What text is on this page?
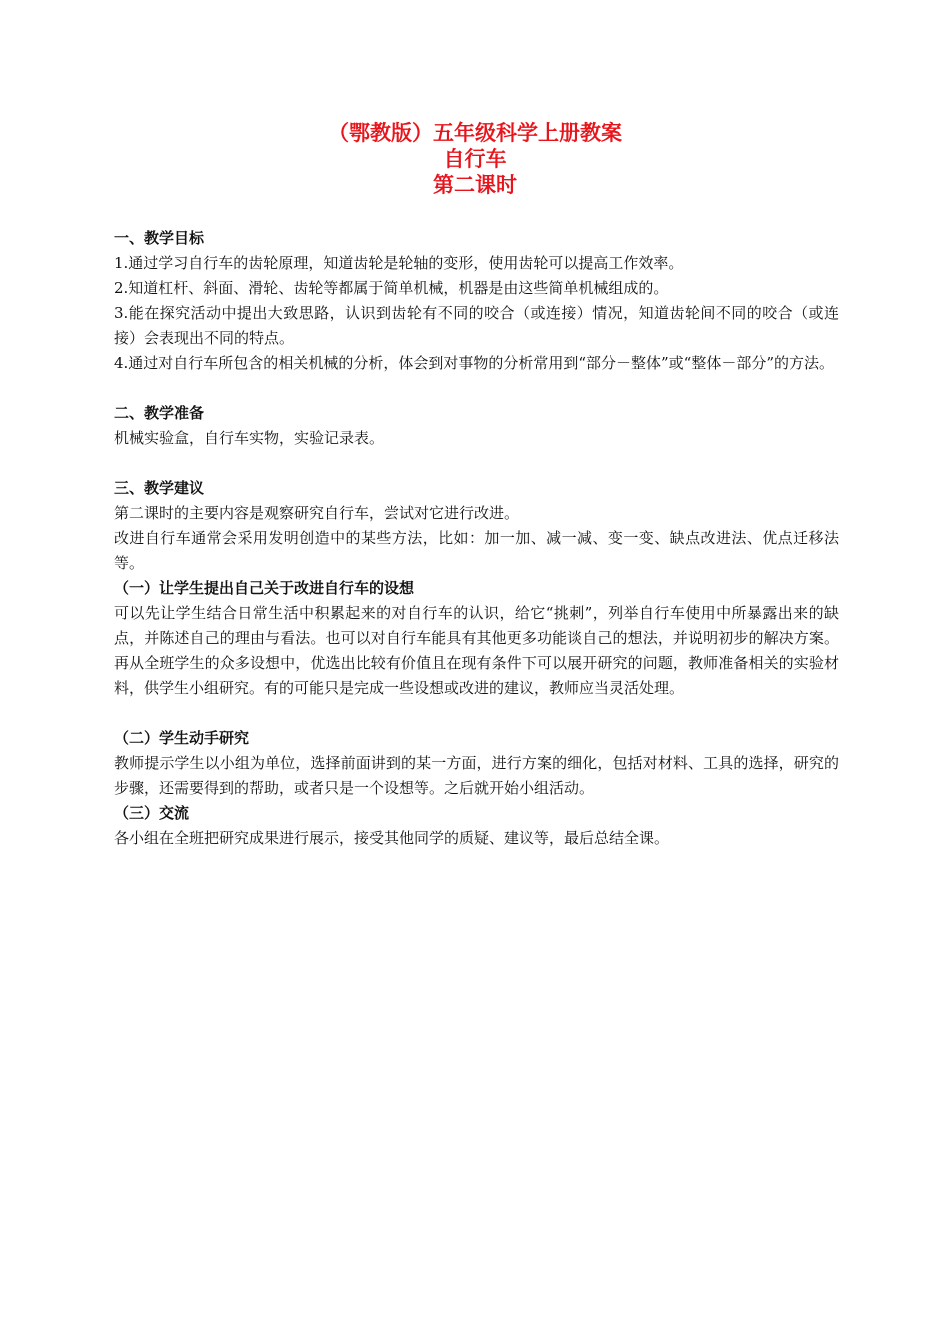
（鄂教版）五年级科学上册教案
自行车
第二课时
一、教学目标
1.通过学习自行车的齿轮原理，知道齿轮是轮轴的变形，使用齿轮可以提高工作效率。
2.知道杠杆、斜面、滑轮、齿轮等都属于简单机械，机器是由这些简单机械组成的。
3.能在探究活动中提出大致思路，认识到齿轮有不同的咬合（或连接）情况，知道齿轮间不同的咬合（或连接）会表现出不同的特点。
4.通过对自行车所包含的相关机械的分析，体会到对事物的分析常用到“部分－整体”或“整体－部分”的方法。
二、教学准备
机械实验盒，自行车实物，实验记录表。
三、教学建议
第二课时的主要内容是观察研究自行车，尝试对它进行改进。
改进自行车通常会采用发明创造中的某些方法，比如：加一加、减一减、变一变、缺点改进法、优点迁移法等。
（一）让学生提出自己关于改进自行车的设想
可以先让学生结合日常生活中积累起来的对自行车的认识，给它“挑刺”，列举自行车使用中所暴露出来的缺点，并陈述自己的理由与看法。也可以对自行车能具有其他更多功能谈自己的想法，并说明初步的解决方案。再从全班学生的众多设想中，优选出比较有价值且在现有条件下可以展开研究的问题，教师准备相关的实验材料，供学生小组研究。有的可能只是完成一些设想或改进的建议，教师应当灵活处理。
（二）学生动手研究
教师提示学生以小组为单位，选择前面讲到的某一方面，进行方案的细化，包括对材料、工具的选择，研究的步骤，还需要得到的帮助，或者只是一个设想等。之后就开始小组活动。
（三）交流
各小组在全班把研究成果进行展示，接受其他同学的质疑、建议等，最后总结全课。
